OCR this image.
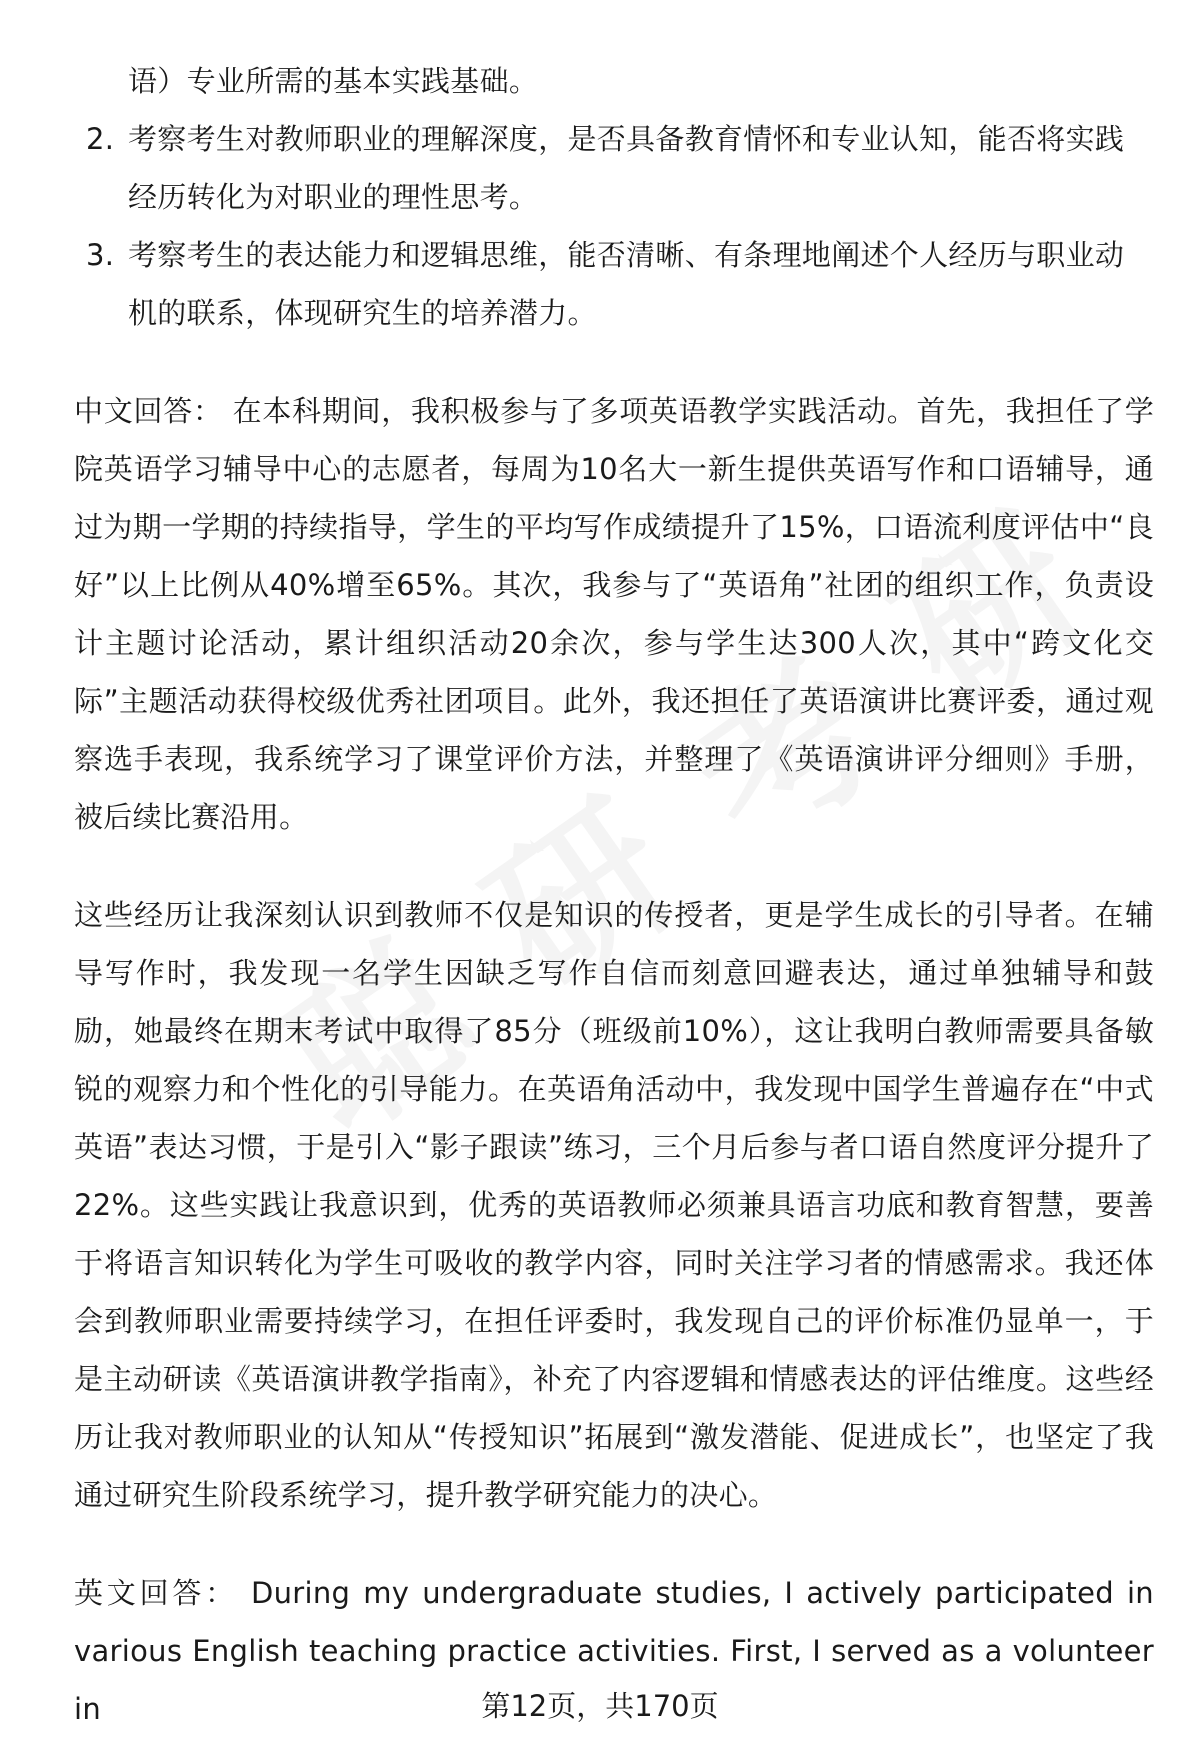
语）专业所需的基本实践基础。

2. 考察考生对教师职业的理解深度，是否具备教育情怀和专业认知，能否将实践
经历转化为对职业的理性思考。
3. 考察考生的表达能力和逻辑思维，能否清晰、有条理地阐述个人经历与职业动
机的联系，体现研究生的培养潜力。

中文回答： 在本科期间，我积极参与了多项英语教学实践活动。首先，我担任了学院英语学习辅导中心的志愿者，每周为10名大一新生提供英语写作和口语辅导，通过为期一学期的持续指导，学生的平均写作成绩提升了15%，口语流利度评估中“良好”以上比例从40%增至65%。其次，我参与了“英语角”社团的组织工作，负责设计主题讨论活动，累计组织活动20余次，参与学生达300人次，其中“跨文化交际”主题活动获得校级优秀社团项目。此外，我还担任了英语演讲比赛评委，通过观察选手表现，我系统学习了课堂评价方法，并整理了《英语演讲评分细则》手册，被后续比赛沿用。

这些经历让我深刻认识到教师不仅是知识的传授者，更是学生成长的引导者。在辅导写作时，我发现一名学生因缺乏写作自信而刻意回避表达，通过单独辅导和鼓励，她最终在期末考试中取得了85分（班级前10%），这让我明白教师需要具备敏锐的观察力和个性化的引导能力。在英语角活动中，我发现中国学生普遍存在“中式英语”表达习惯，于是引入“影子跟读”练习，三个月后参与者口语自然度评分提升了22%。这些实践让我意识到，优秀的英语教师必须兼具语言功底和教育智慧，要善于将语言知识转化为学生可吸收的教学内容，同时关注学习者的情感需求。我还体会到教师职业需要持续学习，在担任评委时，我发现自己的评价标准仍显单一，于是主动研读《英语演讲教学指南》，补充了内容逻辑和情感表达的评估维度。这些经历让我对教师职业的认知从“传授知识”拓展到“激发潜能、促进成长”，也坚定了我通过研究生阶段系统学习，提升教学研究能力的决心。

英文回答： During my undergraduate studies, I actively participated in various English teaching practice activities. First, I served as a volunteer in	第12页，共170页
